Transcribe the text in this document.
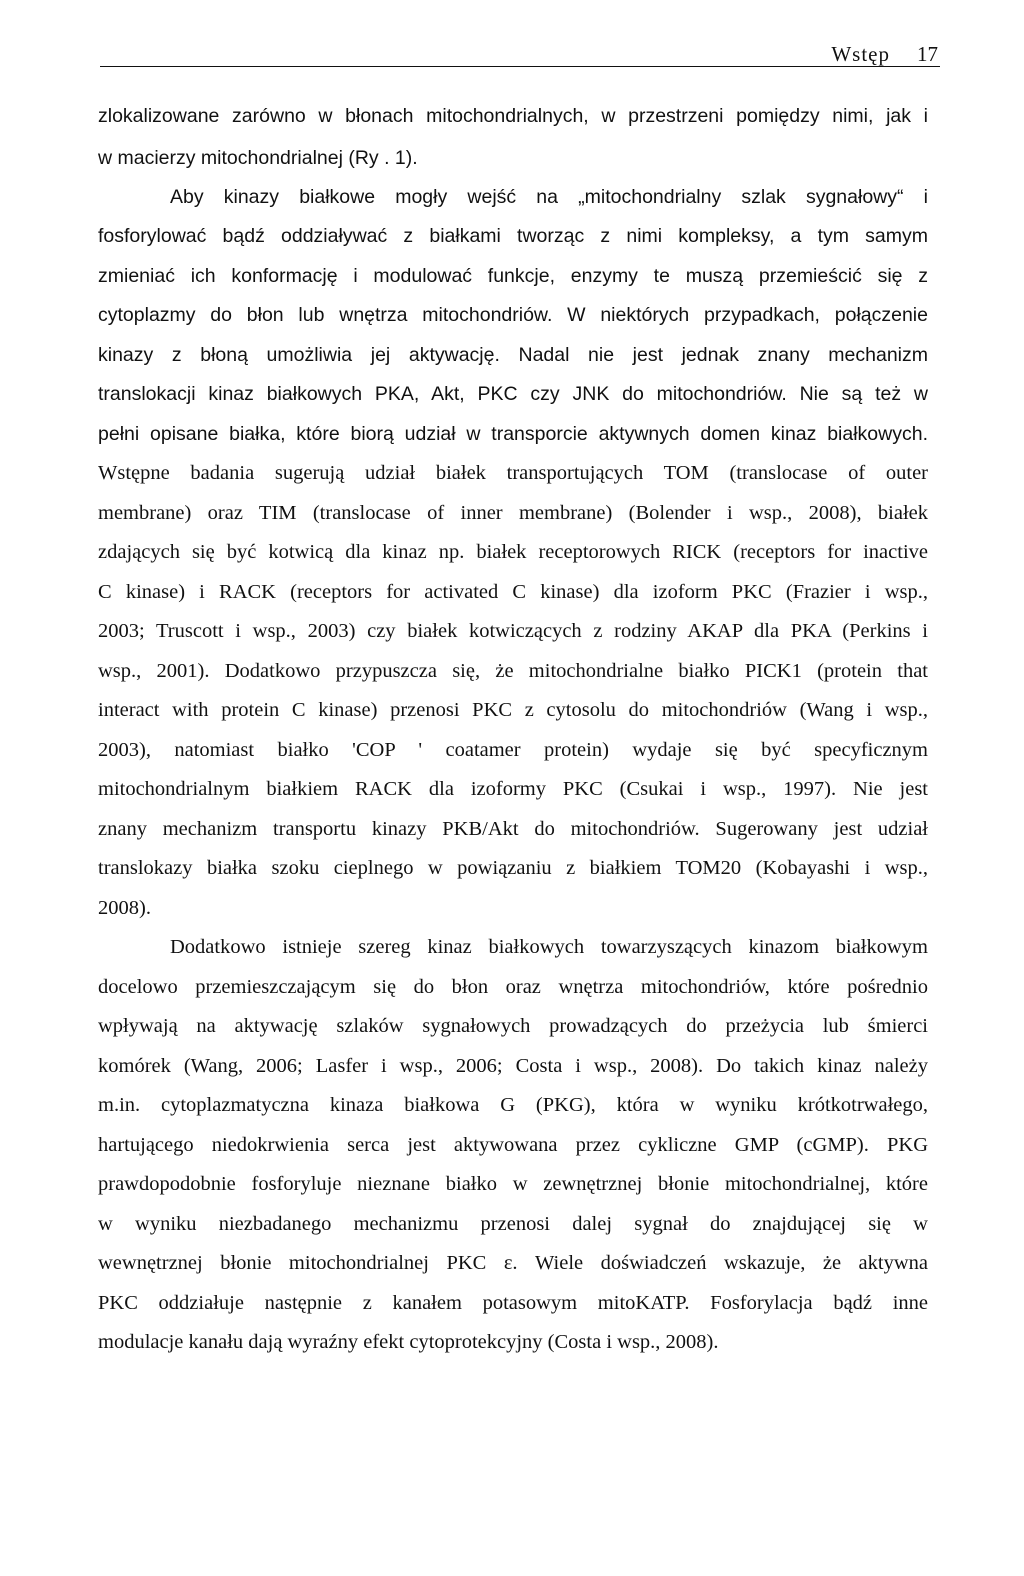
Wstęp 17
zlokalizowane zarówno w błonach mitochondrialnych, w przestrzeni pomiędzy nimi, jak i
w macierzy mitochondrialnej (Ry . 1).
Aby kinazy białkowe mogły wejść na „mitochondrialny szlak sygnałowy“ i
fosforylować bądź oddziaływać z białkami tworząc z nimi kompleksy, a tym samym
zmieniać ich konformację i modulować funkcje, enzymy te muszą przemieścić się z
cytoplazmy do błon lub wnętrza mitochondriów. W niektórych przypadkach, połączenie
kinazy z błoną umożliwia jej aktywację. Nadal nie jest jednak znany mechanizm
translokacji kinaz białkowych PKA, Akt, PKC czy JNK do mitochondriów. Nie są też w
pełni opisane białka, które biorą udział w transporcie aktywnych domen kinaz białkowych.
Wstępne badania sugerują udział białek transportujących TOM (translocase of outer
membrane) oraz TIM (translocase of inner membrane) (Bolender i wsp., 2008), białek
zdających się być kotwicą dla kinaz np. białek receptorowych RICK (receptors for inactive
C kinase) i RACK (receptors for activated C kinase) dla izoform PKC (Frazier i wsp.,
2003; Truscott i wsp., 2003) czy białek kotwiczących z rodziny AKAP dla PKA (Perkins i
wsp., 2001). Dodatkowo przypuszcza się, że mitochondrialne białko PICK1 (protein that
interact with protein C kinase) przenosi PKC z cytosolu do mitochondriów (Wang i wsp.,
2003), natomiast białko 'COP ' coatamer protein) wydaje się być specyficznym
mitochondrialnym białkiem RACK dla izoformy PKC (Csukai i wsp., 1997). Nie jest
znany mechanizm transportu kinazy PKB/Akt do mitochondriów. Sugerowany jest udział
translokazy białka szoku cieplnego w powiązaniu z białkiem TOM20 (Kobayashi i wsp.,
2008).
Dodatkowo istnieje szereg kinaz białkowych towarzyszących kinazom białkowym
docelowo przemieszczającym się do błon oraz wnętrza mitochondriów, które pośrednio
wpływają na aktywację szlaków sygnałowych prowadzących do przeżycia lub śmierci
komórek (Wang, 2006; Lasfer i wsp., 2006; Costa i wsp., 2008). Do takich kinaz należy
m.in. cytoplazmatyczna kinaza białkowa G (PKG), która w wyniku krótkotrwałego,
hartującego niedokrwienia serca jest aktywowana przez cykliczne GMP (cGMP). PKG
prawdopodobnie fosforyluje nieznane białko w zewnętrznej błonie mitochondrialnej, które
w wyniku niezbadanego mechanizmu przenosi dalej sygnał do znajdującej się w
wewnętrznej błonie mitochondrialnej PKC ε. Wiele doświadczeń wskazuje, że aktywna
PKC oddziałuje następnie z kanałem potasowym mitoKATP. Fosforylacja bądź inne
modulacje kanału dają wyraźny efekt cytoprotekcyjny (Costa i wsp., 2008).
